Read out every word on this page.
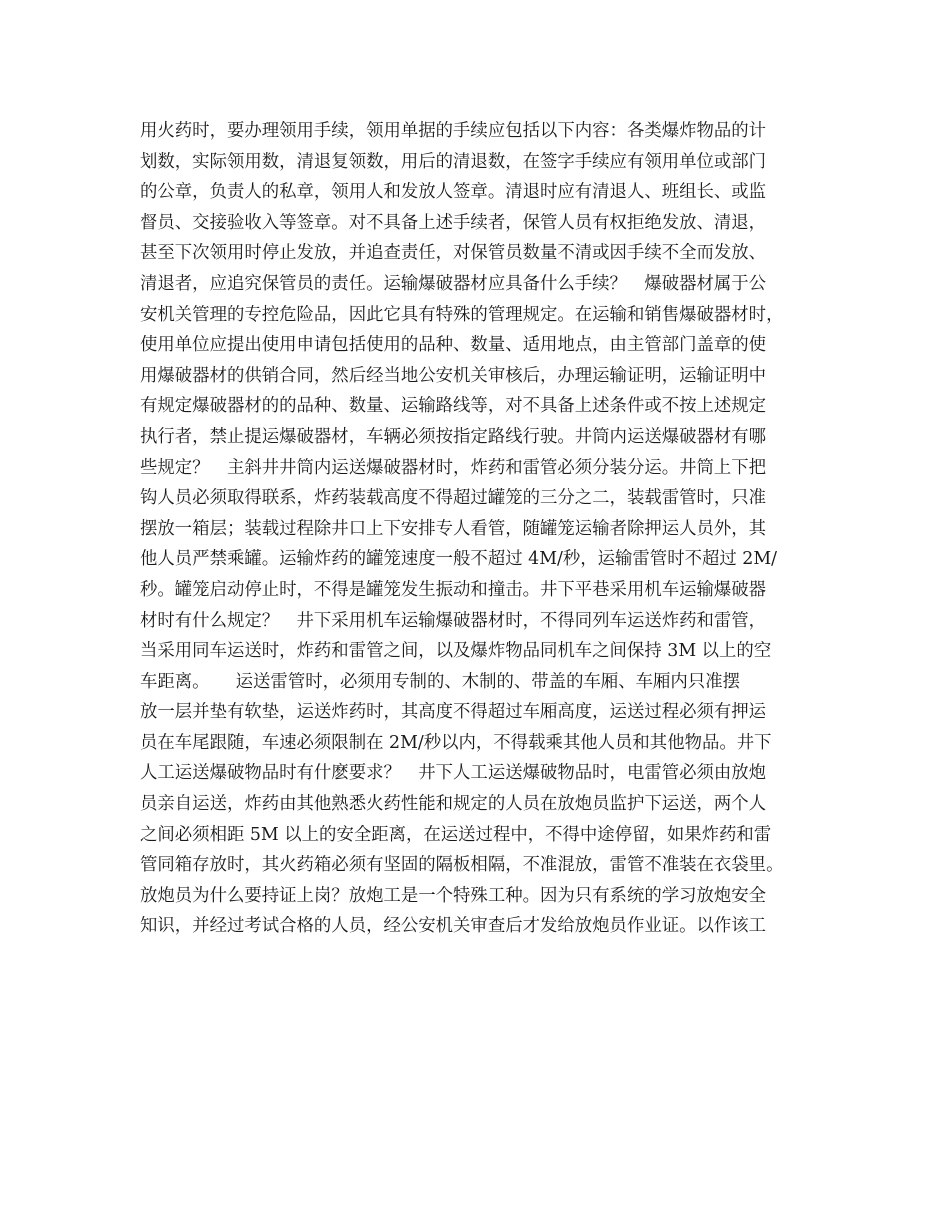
用火药时，要办理领用手续，领用单据的手续应包括以下内容：各类爆炸物品的计
划数，实际领用数，清退复领数，用后的清退数，在签字手续应有领用单位或部门
的公章，负责人的私章，领用人和发放人签章。清退时应有清退人、班组长、或监
督员、交接验收入等签章。对不具备上述手续者，保管人员有权拒绝发放、清退，
甚至下次领用时停止发放，并追查责任，对保管员数量不清或因手续不全而发放、
清退者，应追究保管员的责任。运输爆破器材应具备什么手续？　爆破器材属于公
安机关管理的专控危险品，因此它具有特殊的管理规定。在运输和销售爆破器材时，
使用单位应提出使用申请包括使用的品种、数量、适用地点，由主管部门盖章的使
用爆破器材的供销合同，然后经当地公安机关审核后，办理运输证明，运输证明中
有规定爆破器材的的品种、数量、运输路线等，对不具备上述条件或不按上述规定
执行者，禁止提运爆破器材，车辆必须按指定路线行驶。井筒内运送爆破器材有哪
些规定？　主斜井井筒内运送爆破器材时，炸药和雷管必须分装分运。井筒上下把
钩人员必须取得联系，炸药装载高度不得超过罐笼的三分之二，装载雷管时，只准
摆放一箱层；装载过程除井口上下安排专人看管，随罐笼运输者除押运人员外，其
他人员严禁乘罐。运输炸药的罐笼速度一般不超过 4M/秒，运输雷管时不超过 2M/
秒。罐笼启动停止时，不得是罐笼发生振动和撞击。井下平巷采用机车运输爆破器
材时有什么规定？　井下采用机车运输爆破器材时，不得同列车运送炸药和雷管，
当采用同车运送时，炸药和雷管之间，以及爆炸物品同机车之间保持 3M 以上的空
车距离。　　运送雷管时，必须用专制的、木制的、带盖的车厢、车厢内只准摆
放一层并垫有软垫，运送炸药时，其高度不得超过车厢高度，运送过程必须有押运
员在车尾跟随，车速必须限制在 2M/秒以内，不得载乘其他人员和其他物品。井下
人工运送爆破物品时有什麽要求？　井下人工运送爆破物品时，电雷管必须由放炮
员亲自运送，炸药由其他熟悉火药性能和规定的人员在放炮员监护下运送，两个人
之间必须相距 5M 以上的安全距离，在运送过程中，不得中途停留，如果炸药和雷
管同箱存放时，其火药箱必须有坚固的隔板相隔，不准混放，雷管不准装在衣袋里。
放炮员为什么要持证上岗？放炮工是一个特殊工种。因为只有系统的学习放炮安全
知识，并经过考试合格的人员，经公安机关审查后才发给放炮员作业证。以作该工
